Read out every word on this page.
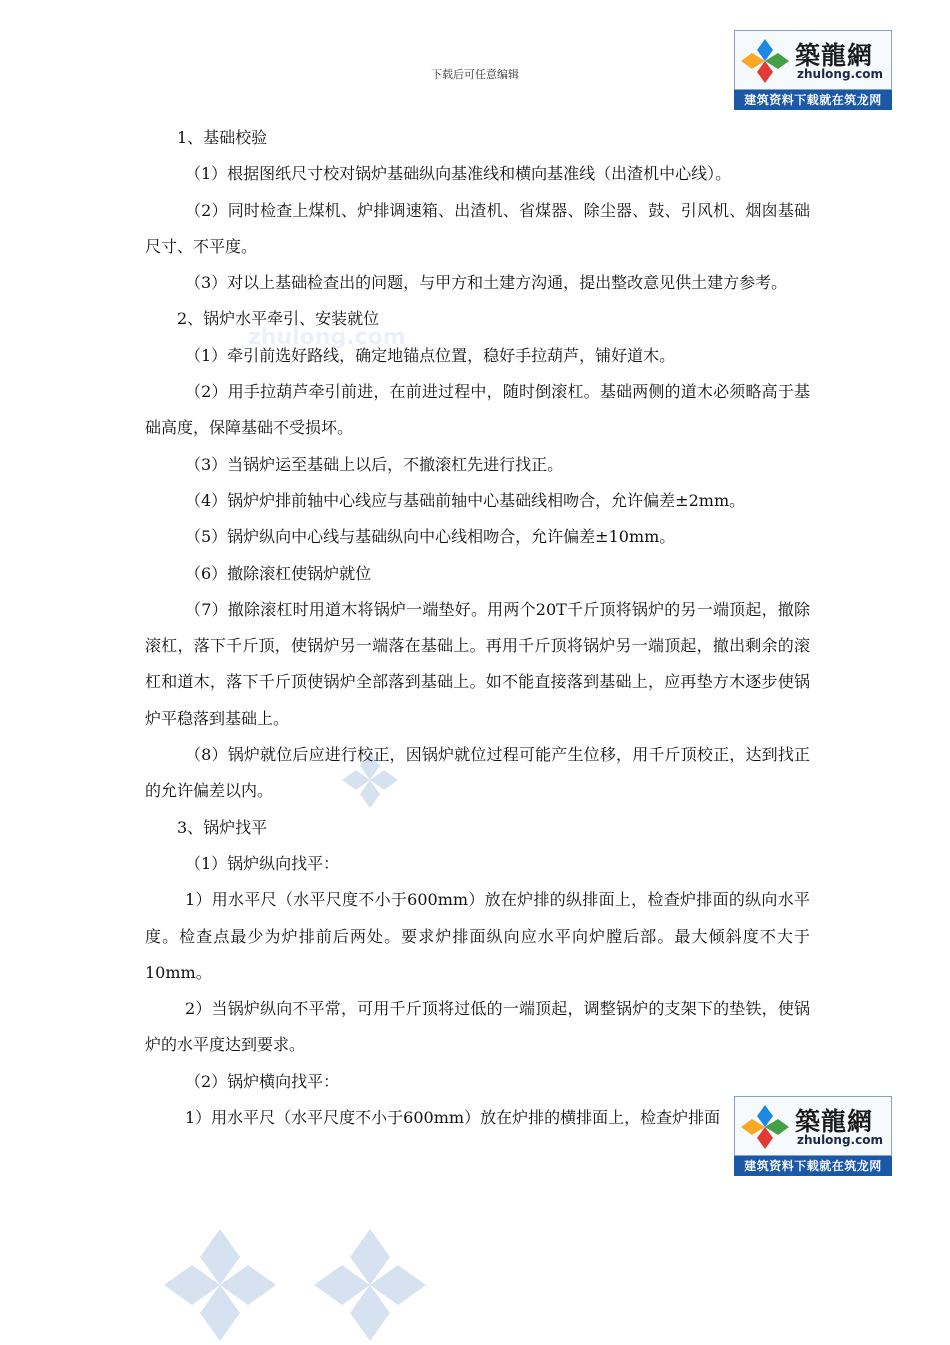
zhulong.com
下载后可任意编辑
築龍網
zhulong.com
建筑资料下载就在筑龙网

1、基础校验

（1）根据图纸尺寸校对锅炉基础纵向基准线和横向基准线（出渣机中心线）。

（2）同时检查上煤机、炉排调速箱、出渣机、省煤器、除尘器、鼓、引风机、烟囱基础尺寸、不平度。

（3）对以上基础检查出的问题，与甲方和土建方沟通，提出整改意见供土建方参考。

2、锅炉水平牵引、安装就位

（1）牵引前选好路线，确定地锚点位置，稳好手拉葫芦，铺好道木。

（2）用手拉葫芦牵引前进，在前进过程中，随时倒滚杠。基础两侧的道木必须略高于基础高度，保障基础不受损坏。

（3）当锅炉运至基础上以后，不撤滚杠先进行找正。

（4）锅炉炉排前轴中心线应与基础前轴中心基础线相吻合，允许偏差±2mm。

（5）锅炉纵向中心线与基础纵向中心线相吻合，允许偏差±10mm。

（6）撤除滚杠使锅炉就位

（7）撤除滚杠时用道木将锅炉一端垫好。用两个20T千斤顶将锅炉的另一端顶起，撤除滚杠，落下千斤顶，使锅炉另一端落在基础上。再用千斤顶将锅炉另一端顶起，撤出剩余的滚杠和道木，落下千斤顶使锅炉全部落到基础上。如不能直接落到基础上，应再垫方木逐步使锅炉平稳落到基础上。

（8）锅炉就位后应进行校正，因锅炉就位过程可能产生位移，用千斤顶校正，达到找正的允许偏差以内。

3、锅炉找平

（1）锅炉纵向找平：

1）用水平尺（水平尺度不小于600mm）放在炉排的纵排面上，检查炉排面的纵向水平度。检查点最少为炉排前后两处。要求炉排面纵向应水平向炉膛后部。最大倾斜度不大于10mm。

2）当锅炉纵向不平常，可用千斤顶将过低的一端顶起，调整锅炉的支架下的垫铁，使锅炉的水平度达到要求。

（2）锅炉横向找平：

1）用水平尺（水平尺度不小于600mm）放在炉排的横排面上，检查炉排面	築龍網
zhulong.com
建筑资料下载就在筑龙网
